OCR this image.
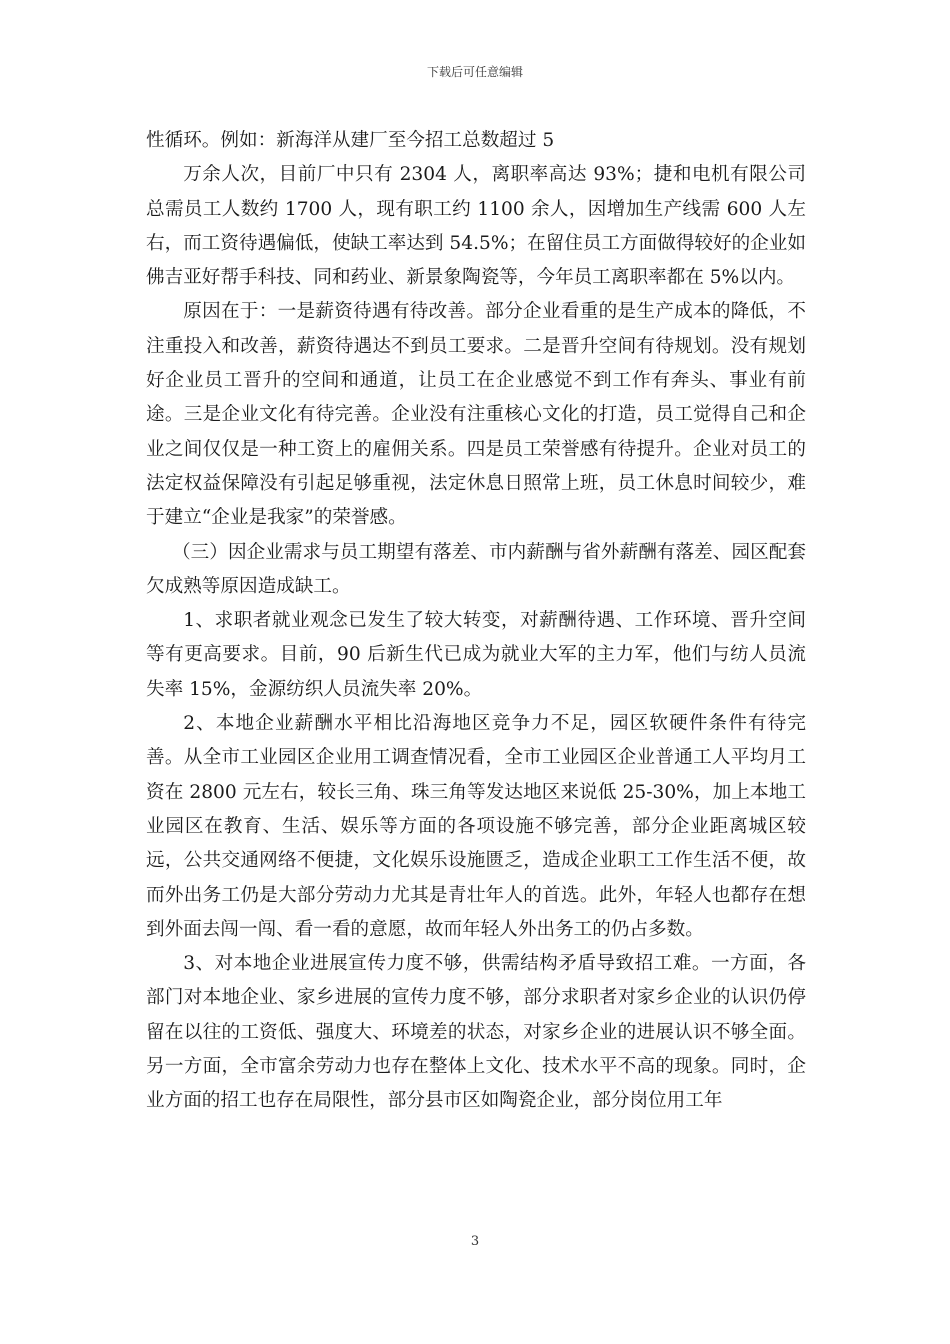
下载后可任意编辑

性循环。例如：新海洋从建厂至今招工总数超过 5

万余人次，目前厂中只有 2304 人，离职率高达 93%；捷和电机有限公司总需员工人数约 1700 人，现有职工约 1100 余人，因增加生产线需 600 人左右，而工资待遇偏低，使缺工率达到 54.5%；在留住员工方面做得较好的企业如佛吉亚好帮手科技、同和药业、新景象陶瓷等，今年员工离职率都在 5%以内。

原因在于：一是薪资待遇有待改善。部分企业看重的是生产成本的降低，不注重投入和改善，薪资待遇达不到员工要求。二是晋升空间有待规划。没有规划好企业员工晋升的空间和通道，让员工在企业感觉不到工作有奔头、事业有前途。三是企业文化有待完善。企业没有注重核心文化的打造，员工觉得自己和企业之间仅仅是一种工资上的雇佣关系。四是员工荣誉感有待提升。企业对员工的法定权益保障没有引起足够重视，法定休息日照常上班，员工休息时间较少，难于建立“企业是我家”的荣誉感。

（三）因企业需求与员工期望有落差、市内薪酬与省外薪酬有落差、园区配套欠成熟等原因造成缺工。

1、求职者就业观念已发生了较大转变，对薪酬待遇、工作环境、晋升空间等有更高要求。目前，90 后新生代已成为就业大军的主力军，他们与纺人员流失率 15%，金源纺织人员流失率 20%。

2、本地企业薪酬水平相比沿海地区竞争力不足，园区软硬件条件有待完善。从全市工业园区企业用工调查情况看，全市工业园区企业普通工人平均月工资在 2800 元左右，较长三角、珠三角等发达地区来说低 25-30%，加上本地工业园区在教育、生活、娱乐等方面的各项设施不够完善，部分企业距离城区较远，公共交通网络不便捷，文化娱乐设施匮乏，造成企业职工工作生活不便，故而外出务工仍是大部分劳动力尤其是青壮年人的首选。此外，年轻人也都存在想到外面去闯一闯、看一看的意愿，故而年轻人外出务工的仍占多数。

3、对本地企业进展宣传力度不够，供需结构矛盾导致招工难。一方面，各部门对本地企业、家乡进展的宣传力度不够，部分求职者对家乡企业的认识仍停留在以往的工资低、强度大、环境差的状态，对家乡企业的进展认识不够全面。另一方面，全市富余劳动力也存在整体上文化、技术水平不高的现象。同时，企业方面的招工也存在局限性，部分县市区如陶瓷企业，部分岗位用工年

3
